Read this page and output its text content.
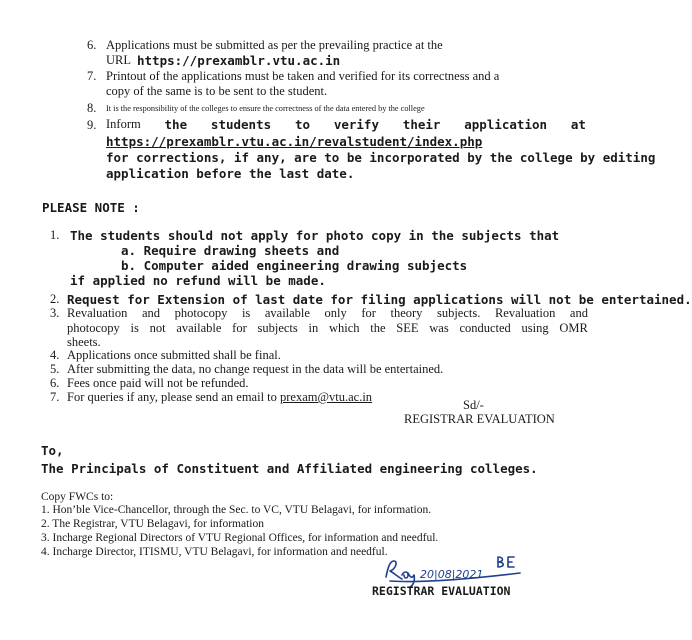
6. Applications must be submitted as per the prevailing practice at the
URL https://prexamblr.vtu.ac.in
7. Printout of the applications must be taken and verified for its correctness and a
copy of the same is to be sent to the student.
8. It is the responsibility of the colleges to ensure the correctness of the data entered by the college
9. Inform the students to verify their application at
https://prexamblr.vtu.ac.in/revalstudent/index.php
for corrections, if any, are to be incorporated by the college by editing
application before the last date.
PLEASE NOTE :
1. The students should not apply for photo copy in the subjects that
a. Require drawing sheets and
b. Computer aided engineering drawing subjects
if applied no refund will be made.
2. Request for Extension of last date for filing applications will not be entertained.
3. Revaluation and photocopy is available only for theory subjects. Revaluation and
photocopy is not available for subjects in which the SEE was conducted using OMR
sheets.
4. Applications once submitted shall be final.
5. After submitting the data, no change request in the data will be entertained.
6. Fees once paid will not be refunded.
7. For queries if any, please send an email to prexam@vtu.ac.in
Sd/-
REGISTRAR EVALUATION
To,
The Principals of Constituent and Affiliated engineering colleges.
Copy FWCs to:
1. Hon’ble Vice-Chancellor, through the Sec. to VC, VTU Belagavi, for information.
2. The Registrar, VTU Belagavi, for information
3. Incharge Regional Directors of VTU Regional Offices, for information and needful.
4. Incharge Director, ITISMU, VTU Belagavi, for information and needful.
20|08|2021
REGISTRAR EVALUATION
